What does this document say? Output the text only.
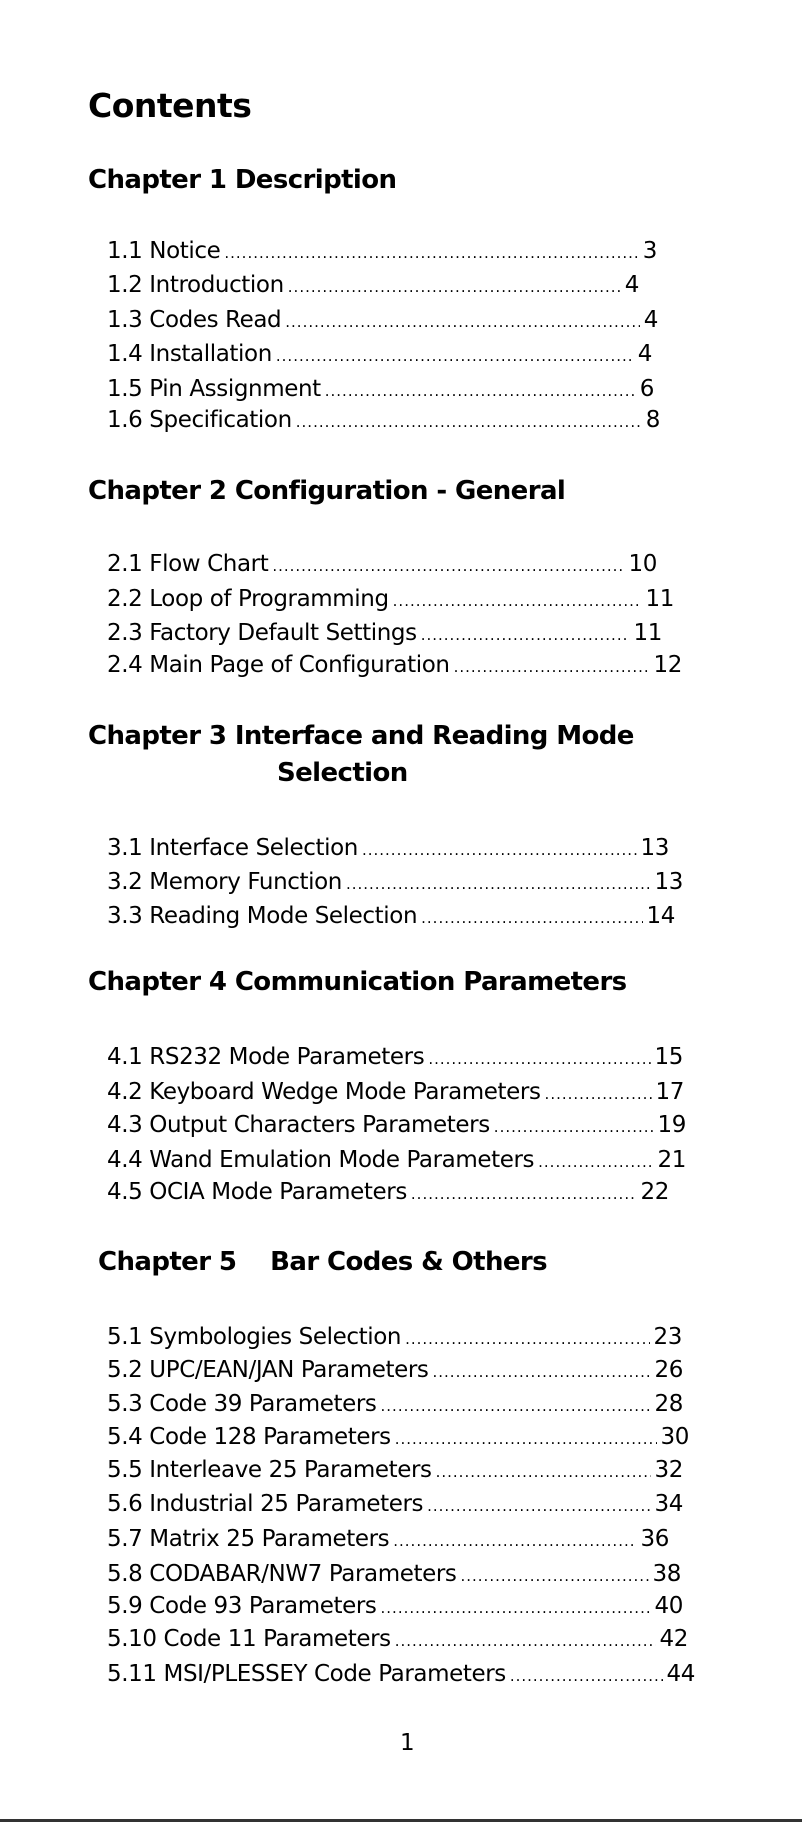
Contents
Chapter 1 Description
1.1 Notice .....	3
1.2 Introduction .....	4
1.3 Codes Read .....	4
1.4 Installation .....	4
1.5 Pin Assignment .....	6
1.6 Specification .....	8
Chapter 2 Configuration - General
2.1 Flow Chart .....	10
2.2 Loop of Programming .....	11
2.3 Factory Default Settings .....	11
2.4 Main Page of Configuration .....	12
Chapter 3 Interface and Reading Mode
Selection
3.1 Interface Selection .....	13
3.2 Memory Function .....	13
3.3 Reading Mode Selection .....	14
Chapter 4 Communication Parameters
4.1 RS232 Mode Parameters .....	15
4.2 Keyboard Wedge Mode Parameters .....	17
4.3 Output Characters Parameters .....	19
4.4 Wand Emulation Mode Parameters .....	21
4.5 OCIA Mode Parameters .....	22
Chapter 5    Bar Codes & Others
5.1 Symbologies Selection .....	23
5.2 UPC/EAN/JAN Parameters .....	26
5.3 Code 39 Parameters .....	28
5.4 Code 128 Parameters .....	30
5.5 Interleave 25 Parameters .....	32
5.6 Industrial 25 Parameters .....	34
5.7 Matrix 25 Parameters .....	36
5.8 CODABAR/NW7 Parameters .....	38
5.9 Code 93 Parameters .....	40
5.10 Code 11 Parameters .....	42
5.11 MSI/PLESSEY Code Parameters .....	44
1
